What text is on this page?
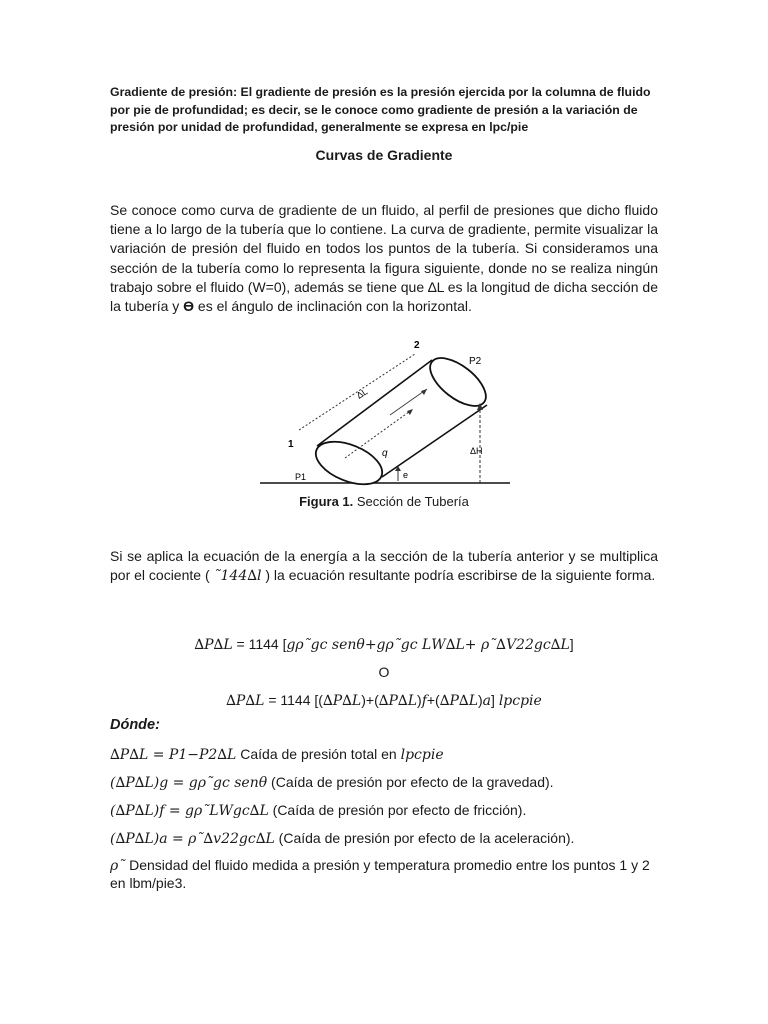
Gradiente de presión: El gradiente de presión es la presión ejercida por la columna de fluido por pie de profundidad; es decir, se le conoce como gradiente de presión a la variación de presión por unidad de profundidad, generalmente se expresa en lpc/pie
Curvas de Gradiente
Se conoce como curva de gradiente de un fluido, al perfil de presiones que dicho fluido tiene a lo largo de la tubería que lo contiene. La curva de gradiente, permite visualizar la variación de presión del fluido en todos los puntos de la tubería. Si consideramos una sección de la tubería como lo representa la figura siguiente, donde no se realiza ningún trabajo sobre el fluido (W=0), además se tiene que ∆L es la longitud de dicha sección de la tubería y ϴ es el ángulo de inclinación con la horizontal.
1
2
P1
P2
ΔL
q	ΔH
e
Figura 1. Sección de Tubería
Si se aplica la ecuación de la energía a la sección de la tubería anterior y se multiplica por el cociente ( ˜144∆𝑙 ) la ecuación resultante podría escribirse de la siguiente forma.
∆𝑃∆𝐿 = 1144 [𝑔𝜌˜𝑔𝑐 𝑠𝑒𝑛𝜃+𝑔𝜌˜𝑔𝑐 𝐿𝑊∆𝐿+ 𝜌˜∆𝑉22𝑔𝑐∆𝐿]
O
∆𝑃∆𝐿 = 1144 [(∆𝑃∆𝐿)+(∆𝑃∆𝐿)𝑓+(∆𝑃∆𝐿)𝑎] 𝑙𝑝𝑐𝑝𝑖𝑒
Dónde:
∆𝑃∆𝐿 = 𝑃1−𝑃2∆𝐿 Caída de presión total en 𝑙𝑝𝑐𝑝𝑖𝑒
(∆𝑃∆𝐿)g = 𝑔𝜌˜𝑔𝑐 𝑠𝑒𝑛𝜃 (Caída de presión por efecto de la gravedad).
(∆𝑃∆𝐿)f = 𝑔𝜌˜𝐿𝑊𝑔𝑐∆𝐿 (Caída de presión por efecto de fricción).
(∆𝑃∆𝐿)𝑎 = 𝜌˜∆𝑣22𝑔𝑐∆𝐿 (Caída de presión por efecto de la aceleración).
𝜌˜ Densidad del fluido medida a presión y temperatura promedio entre los puntos 1 y 2 en lbm/pie3.
